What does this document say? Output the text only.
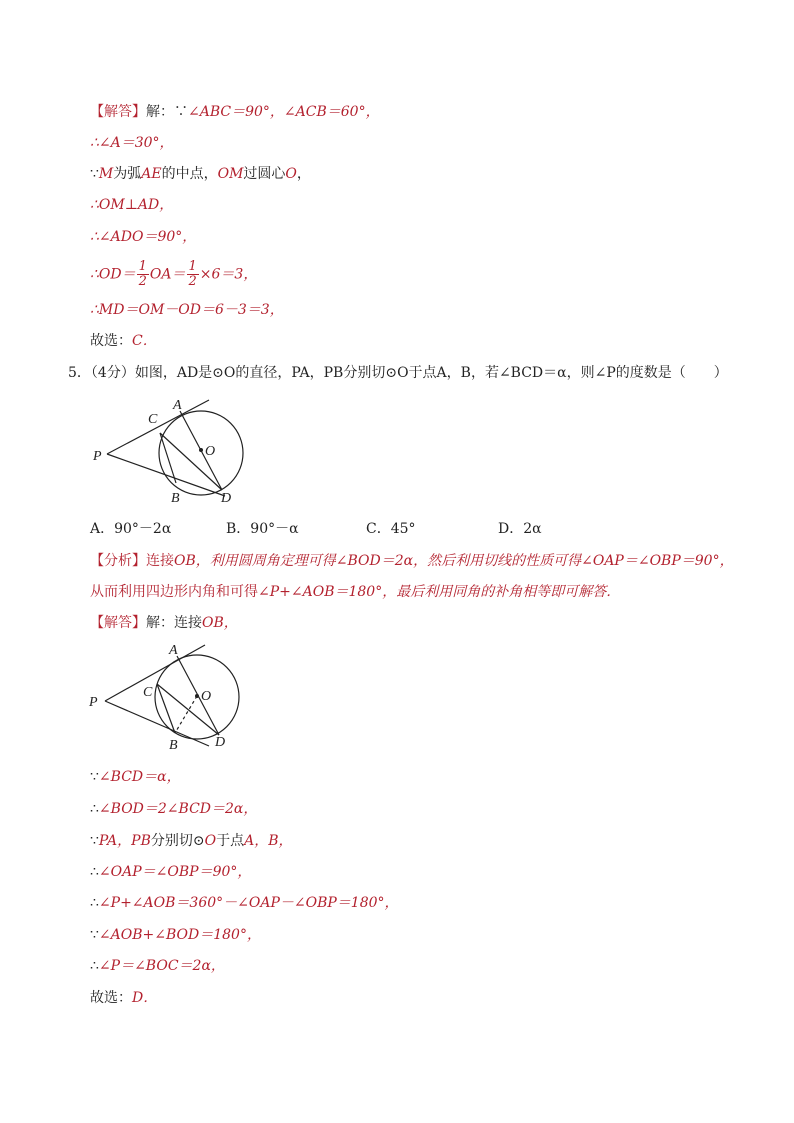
【解答】解：∵∠ABC＝90°，∠ACB＝60°，
∴∠A＝30°，
∵M为弧AE的中点，OM过圆心O，
∴OM⊥AD，
∴∠ADO＝90°，
∴OD＝ $\frac{1}{2} OA= \frac{1}{2} \times 6=3$，
∴MD＝OM－OD＝6－3＝3，
故选：C．
5．（4分）如图，AD是⊙O的直径，PA，PB分别切⊙O于点A，B，若∠BCD＝α，则∠P的度数是（　　）
A
C
O
P
B	D
A．90°－2α	B．90°－α	C．45°	D．2α
【分析】连接OB，利用圆周角定理可得∠BOD＝2α，然后利用切线的性质可得∠OAP＝∠OBP＝90°，
从而利用四边形内角和可得∠P+∠AOB＝180°，最后利用同角的补角相等即可解答．
【解答】解：连接OB，
A
C	O
P
B	D
∵∠BCD＝α，
∴∠BOD＝2∠BCD＝2α，
∵PA，PB分别切⊙O于点A，B，
∴∠OAP＝∠OBP＝90°，
∴∠P+∠AOB＝360°－∠OAP－∠OBP＝180°，
∵∠AOB+∠BOD＝180°，
∴∠P＝∠BOC＝2α，
故选：D．
